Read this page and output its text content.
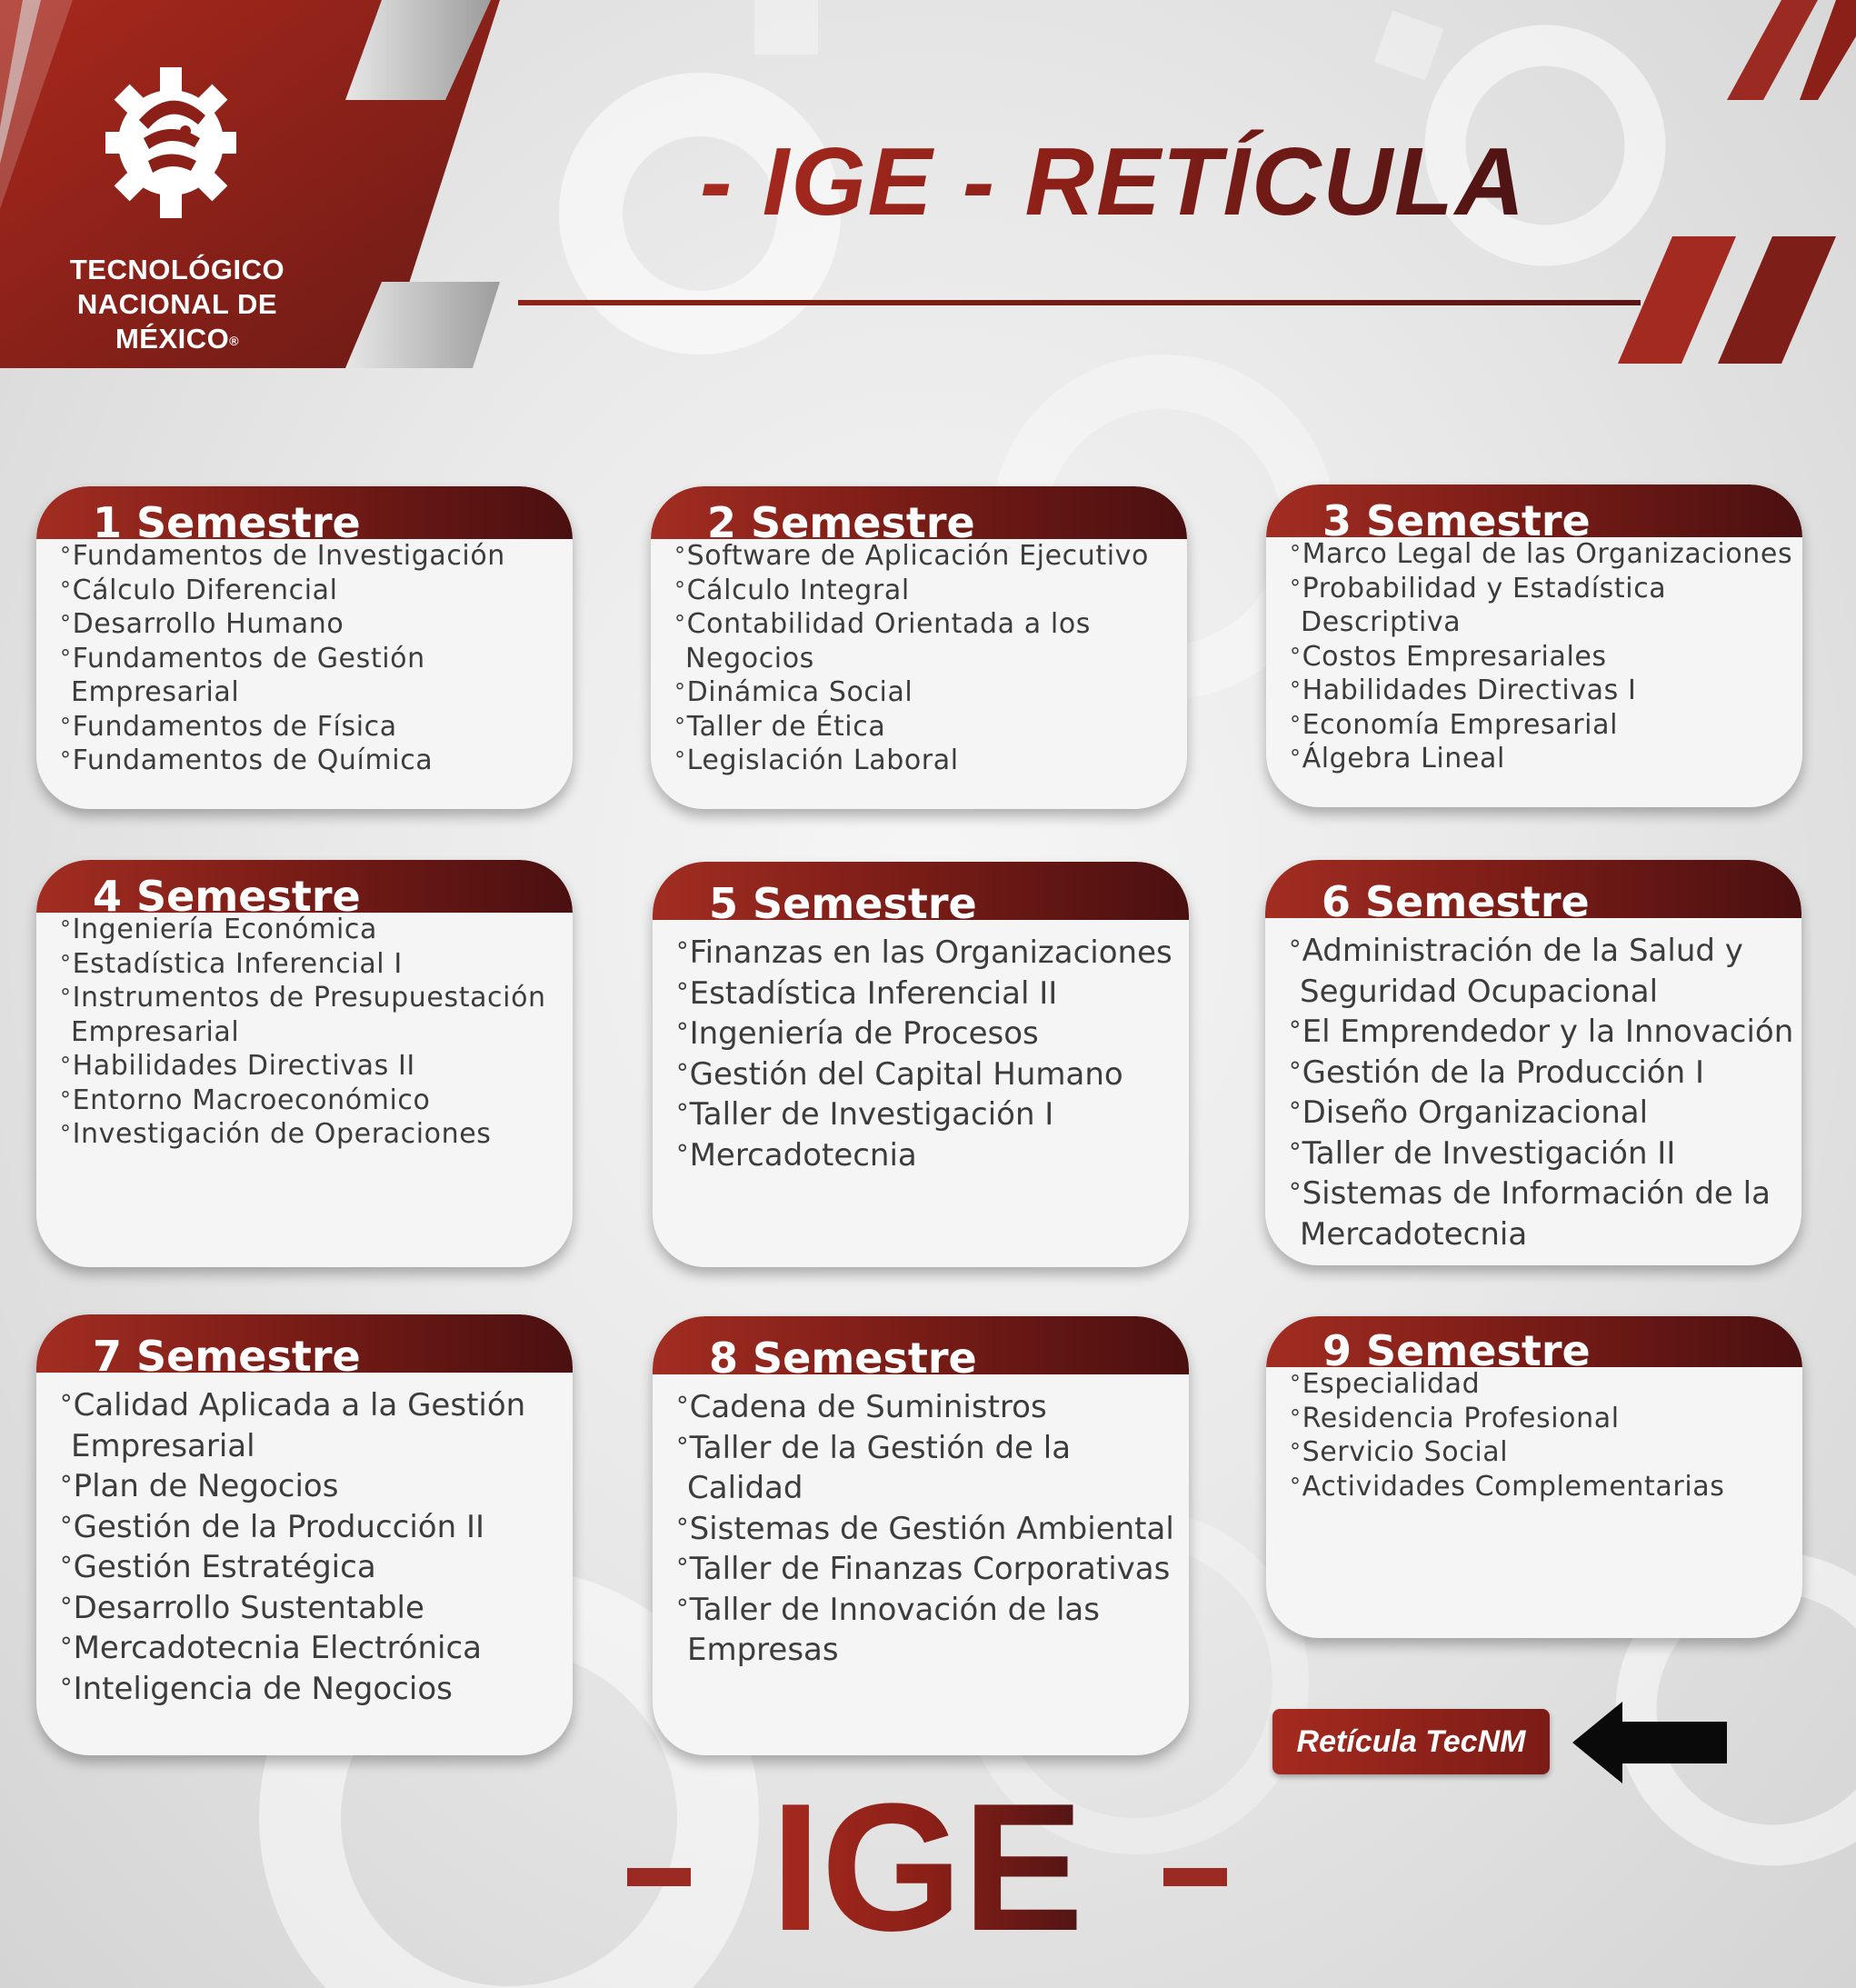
TECNOLÓGICO
NACIONAL DE MÉXICO®
- IGE - RETÍCULA
1 Semestre
° Fundamentos de Investigación
° Cálculo Diferencial
° Desarrollo Humano
° Fundamentos de Gestión
Empresarial
° Fundamentos de Física
° Fundamentos de Química
2 Semestre
° Software de Aplicación Ejecutivo
° Cálculo Integral
° Contabilidad Orientada a los
Negocios
° Dinámica Social
° Taller de Ética
° Legislación Laboral
3 Semestre
° Marco Legal de las Organizaciones
° Probabilidad y Estadística
Descriptiva
° Costos Empresariales
° Habilidades Directivas I
° Economía Empresarial
° Álgebra Lineal
4 Semestre
° Ingeniería Económica
° Estadística Inferencial I
° Instrumentos de Presupuestación
Empresarial
° Habilidades Directivas II
° Entorno Macroeconómico
° Investigación de Operaciones
5 Semestre
° Finanzas en las Organizaciones
° Estadística Inferencial II
° Ingeniería de Procesos
° Gestión del Capital Humano
° Taller de Investigación I
° Mercadotecnia
6 Semestre
° Administración de la Salud y
Seguridad Ocupacional
° El Emprendedor y la Innovación
° Gestión de la Producción I
° Diseño Organizacional
° Taller de Investigación II
° Sistemas de Información de la
Mercadotecnia
7 Semestre
° Calidad Aplicada a la Gestión
Empresarial
° Plan de Negocios
° Gestión de la Producción II
° Gestión Estratégica
° Desarrollo Sustentable
° Mercadotecnia Electrónica
° Inteligencia de Negocios
8 Semestre
° Cadena de Suministros
° Taller de la Gestión de la Calidad
° Sistemas de Gestión Ambiental
° Taller de Finanzas Corporativas
° Taller de Innovación de las
Empresas
9 Semestre
° Especialidad
° Residencia Profesional
° Servicio Social
° Actividades Complementarias
Retícula TecNM
IGE
